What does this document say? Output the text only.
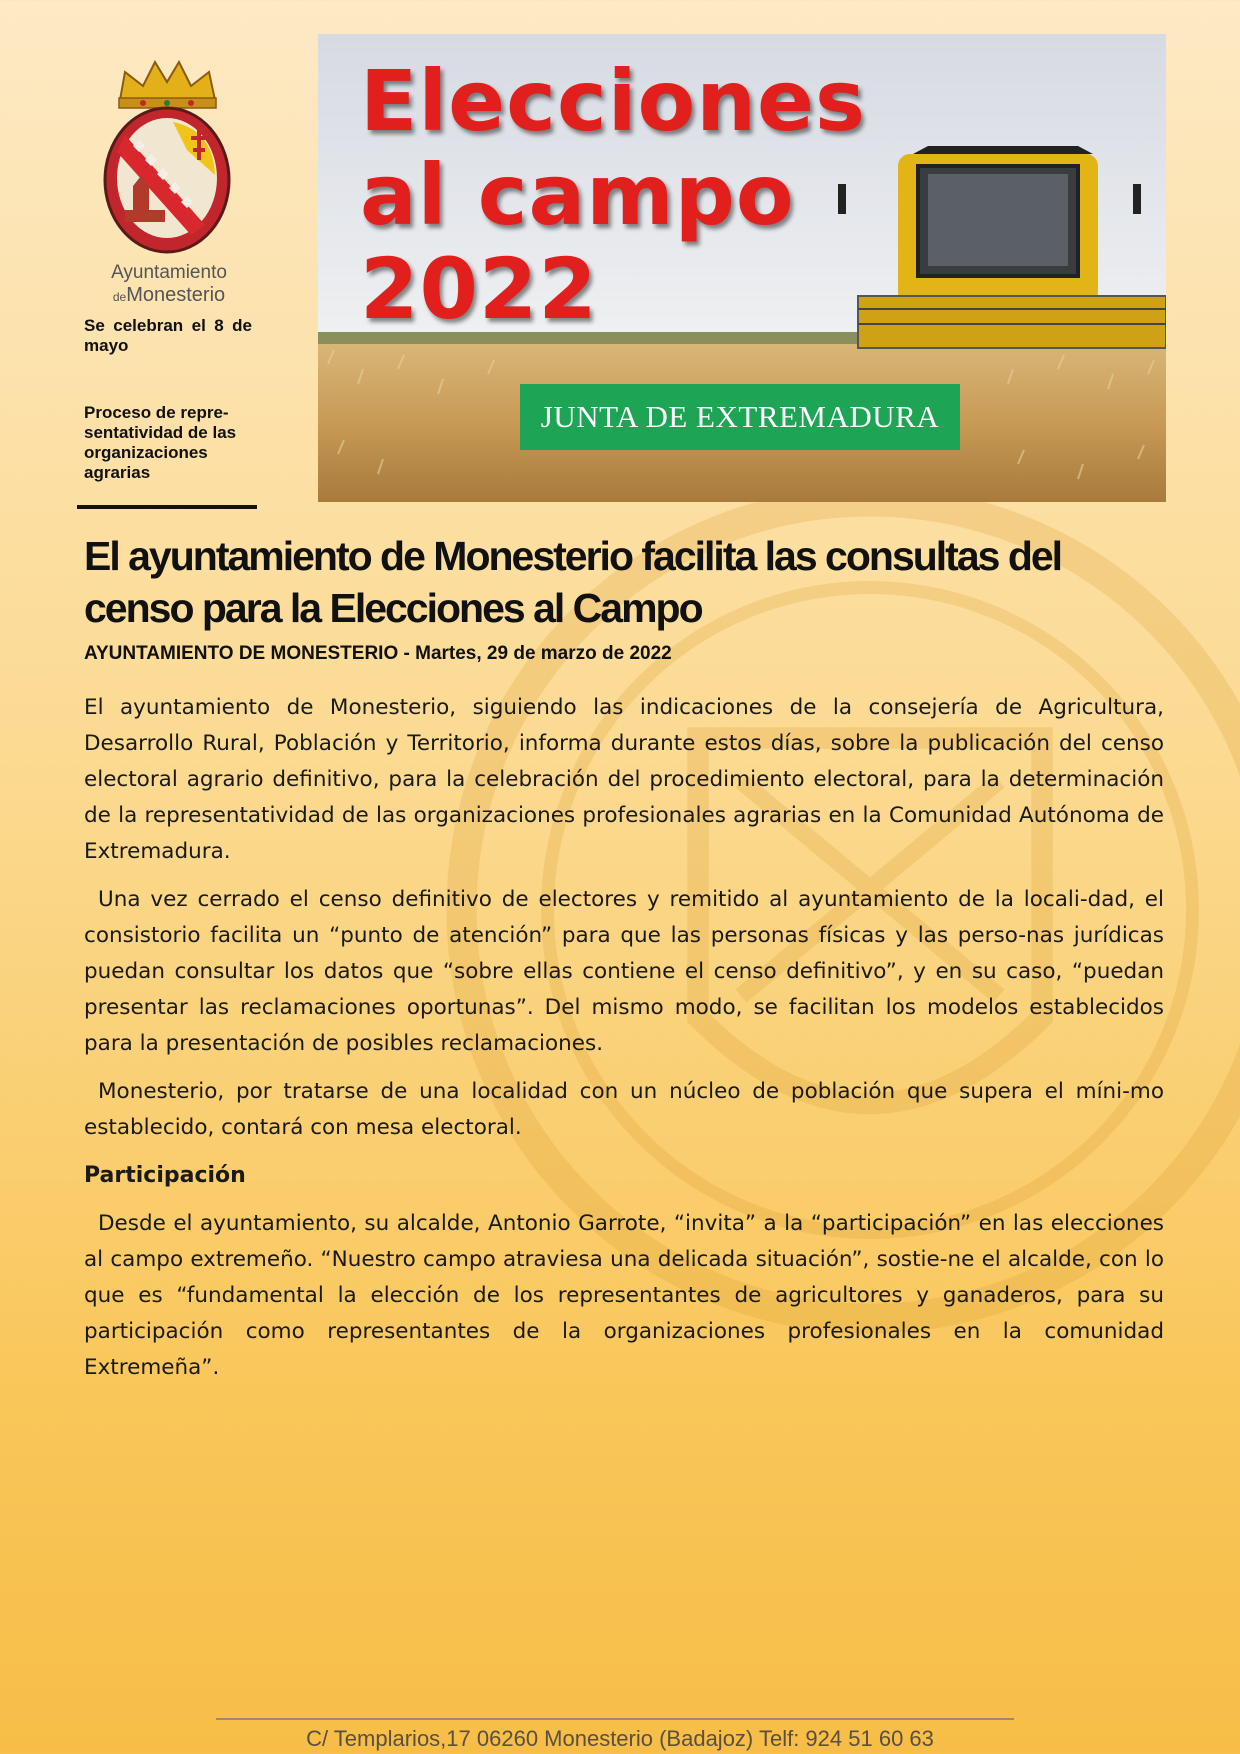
Ayuntamiento
deMonesterio
Se celebran el 8 de mayo
Proceso de repre-sentatividad de las organizaciones agrarias
Elecciones
al campo
2022
JUNTA DE EXTREMADURA
El ayuntamiento de Monesterio facilita las consultas del censo para la Elecciones al Campo
AYUNTAMIENTO DE MONESTERIO - Martes, 29 de marzo de 2022

El ayuntamiento de Monesterio, siguiendo las indicaciones de la consejería de Agricultura, Desarrollo Rural, Población y Territorio, informa durante estos días, sobre la publicación del censo electoral agrario definitivo, para la celebración del procedimiento electoral, para la determinación de la representatividad de las organizaciones profesionales agrarias en la Comunidad Autónoma de Extremadura.

Una vez cerrado el censo definitivo de electores y remitido al ayuntamiento de la locali-dad, el consistorio facilita un “punto de atención” para que las personas físicas y las perso-nas jurídicas puedan consultar los datos que “sobre ellas contiene el censo definitivo”, y en su caso, “puedan presentar las reclamaciones oportunas”. Del mismo modo, se facilitan los modelos establecidos para la presentación de posibles reclamaciones.

Monesterio, por tratarse de una localidad con un núcleo de población que supera el míni-mo establecido, contará con mesa electoral.

Participación

Desde el ayuntamiento, su alcalde, Antonio Garrote, “invita” a la “participación” en las elecciones al campo extremeño. “Nuestro campo atraviesa una delicada situación”, sostie-ne el alcalde, con lo que es “fundamental la elección de los representantes de agricultores y ganaderos, para su participación como representantes de la organizaciones profesionales en la comunidad Extremeña”.

C/ Templarios,17 06260 Monesterio (Badajoz) Telf: 924 51 60 63
